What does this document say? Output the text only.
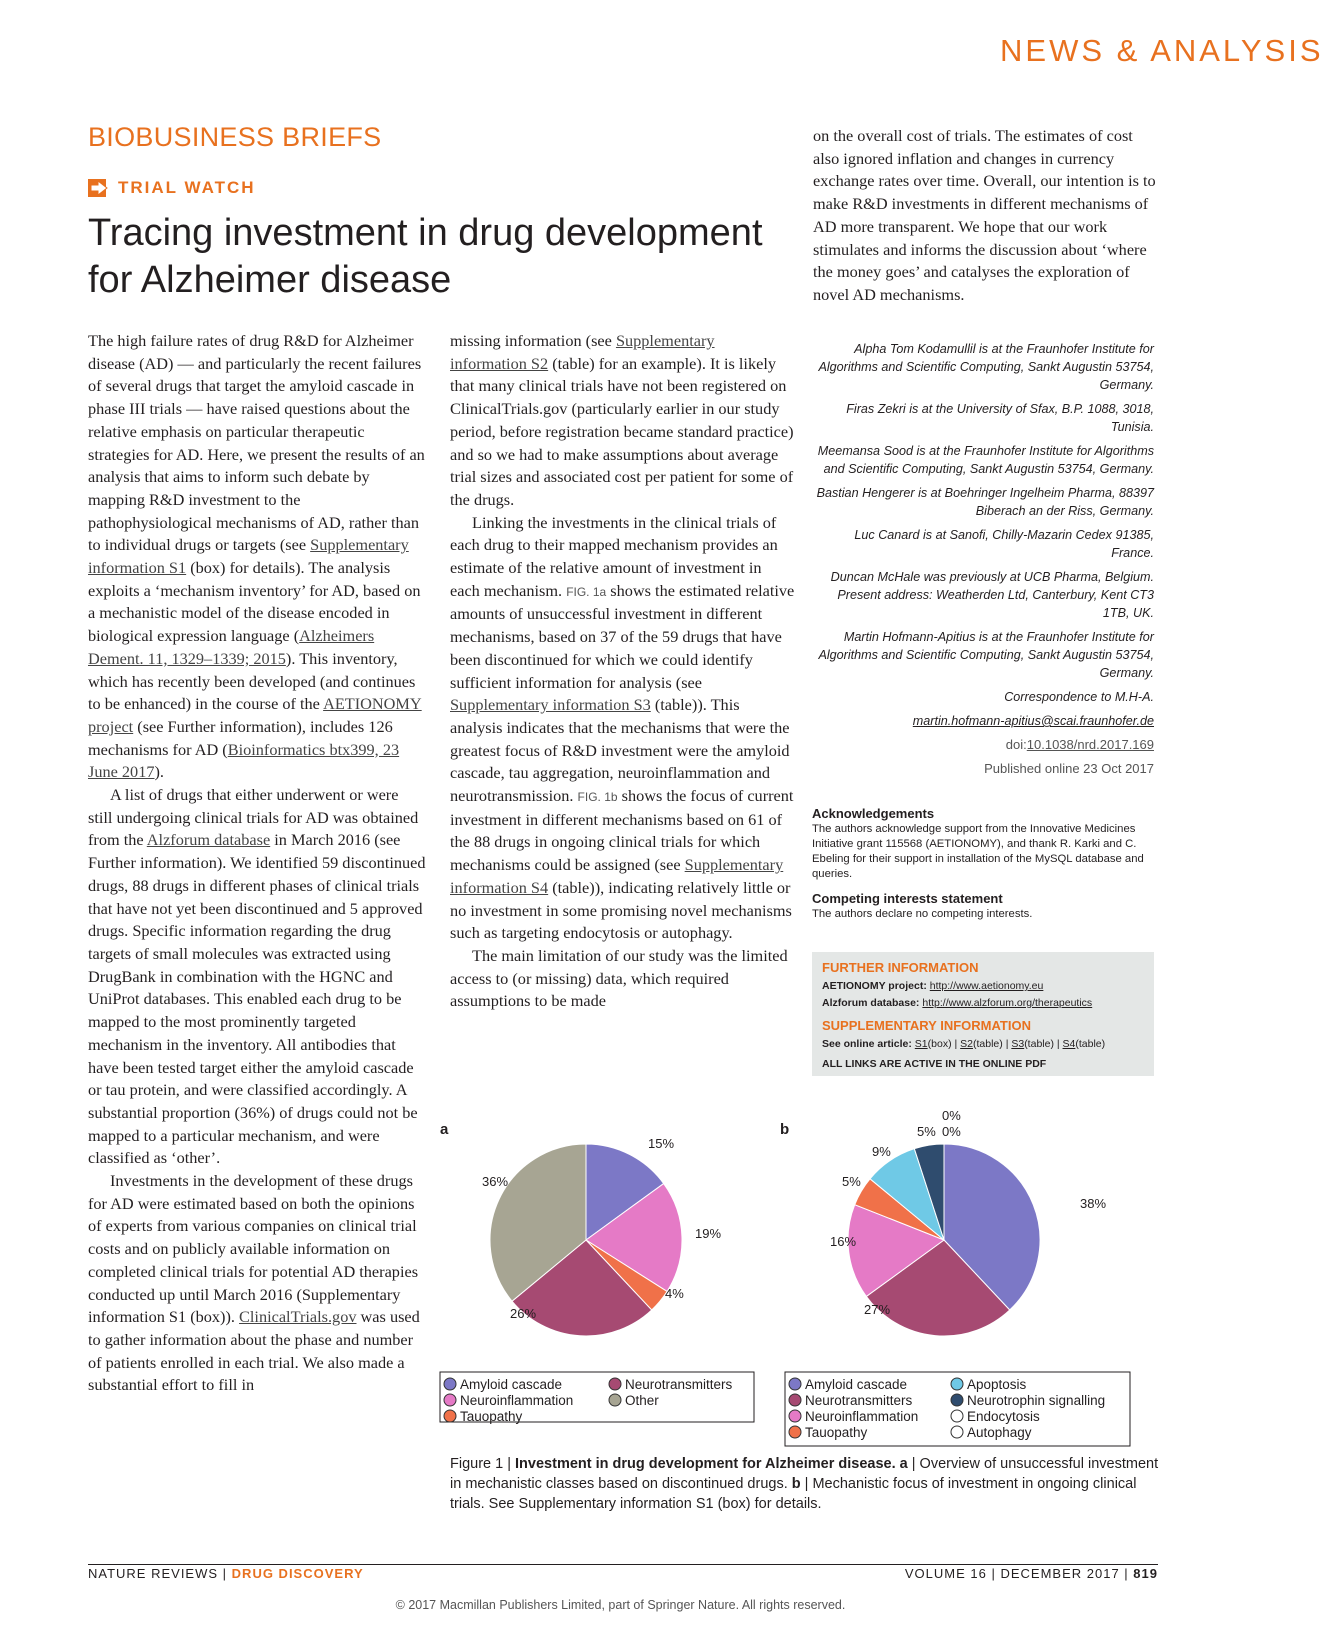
NEWS & ANALYSIS
BIOBUSINESS BRIEFS
TRIAL WATCH
Tracing investment in drug development for Alzheimer disease

The high failure rates of drug R&D for Alzheimer disease (AD) — and particularly the recent failures of several drugs that target the amyloid cascade in phase III trials — have raised questions about the relative emphasis on particular therapeutic strategies for AD. Here, we present the results of an analysis that aims to inform such debate by mapping R&D investment to the pathophysiological mechanisms of AD, rather than to individual drugs or targets (see Supplementary information S1 (box) for details). The analysis exploits a ‘mechanism inventory’ for AD, based on a mechanistic model of the disease encoded in biological expression language (Alzheimers Dement. 11, 1329–1339; 2015). This inventory, which has recently been developed (and continues to be enhanced) in the course of the AETIONOMY project (see Further information), includes 126 mechanisms for AD (Bioinformatics btx399, 23 June 2017).

A list of drugs that either underwent or were still undergoing clinical trials for AD was obtained from the Alzforum database in March 2016 (see Further information). We identified 59 discontinued drugs, 88 drugs in different phases of clinical trials that have not yet been discontinued and 5 approved drugs. Specific information regarding the drug targets of small molecules was extracted using DrugBank in combination with the HGNC and UniProt databases. This enabled each drug to be mapped to the most prominently targeted mechanism in the inventory. All antibodies that have been tested target either the amyloid cascade or tau protein, and were classified accordingly. A substantial proportion (36%) of drugs could not be mapped to a particular mechanism, and were classified as ‘other’.

Investments in the development of these drugs for AD were estimated based on both the opinions of experts from various companies on clinical trial costs and on publicly available information on completed clinical trials for potential AD therapies conducted up until March 2016 (Supplementary information S1 (box)). ClinicalTrials.gov was used to gather information about the phase and number of patients enrolled in each trial. We also made a substantial effort to fill in

missing information (see Supplementary information S2 (table) for an example). It is likely that many clinical trials have not been registered on ClinicalTrials.gov (particularly earlier in our study period, before registration became standard practice) and so we had to make assumptions about average trial sizes and associated cost per patient for some of the drugs.

Linking the investments in the clinical trials of each drug to their mapped mechanism provides an estimate of the relative amount of investment in each mechanism. FIG. 1a shows the estimated relative amounts of unsuccessful investment in different mechanisms, based on 37 of the 59 drugs that have been discontinued for which we could identify sufficient information for analysis (see Supplementary information S3 (table)). This analysis indicates that the mechanisms that were the greatest focus of R&D investment were the amyloid cascade, tau aggregation, neuroinflammation and neurotransmission. FIG. 1b shows the focus of current investment in different mechanisms based on 61 of the 88 drugs in ongoing clinical trials for which mechanisms could be assigned (see Supplementary information S4 (table)), indicating relatively little or no investment in some promising novel mechanisms such as targeting endocytosis or autophagy.

The main limitation of our study was the limited access to (or missing) data, which required assumptions to be made

on the overall cost of trials. The estimates of cost also ignored inflation and changes in currency exchange rates over time. Overall, our intention is to make R&D investments in different mechanisms of AD more transparent. We hope that our work stimulates and informs the discussion about ‘where the money goes’ and catalyses the exploration of novel AD mechanisms.

Alpha Tom Kodamullil is at the Fraunhofer Institute for Algorithms and Scientific Computing, Sankt Augustin 53754, Germany.

Firas Zekri is at the University of Sfax, B.P. 1088, 3018, Tunisia.

Meemansa Sood is at the Fraunhofer Institute for Algorithms and Scientific Computing, Sankt Augustin 53754, Germany.

Bastian Hengerer is at Boehringer Ingelheim Pharma, 88397 Biberach an der Riss, Germany.

Luc Canard is at Sanofi, Chilly-Mazarin Cedex 91385, France.

Duncan McHale was previously at UCB Pharma, Belgium. Present address: Weatherden Ltd, Canterbury, Kent CT3 1TB, UK.

Martin Hofmann-Apitius is at the Fraunhofer Institute for Algorithms and Scientific Computing, Sankt Augustin 53754, Germany.

Correspondence to M.H-A.

martin.hofmann-apitius@scai.fraunhofer.de

doi:10.1038/nrd.2017.169

Published online 23 Oct 2017

Acknowledgements

The authors acknowledge support from the Innovative Medicines Initiative grant 115568 (AETIONOMY), and thank R. Karki and C. Ebeling for their support in installation of the MySQL database and queries.

Competing interests statement

The authors declare no competing interests.

FURTHER INFORMATION
AETIONOMY project: http://www.aetionomy.eu
Alzforum database: http://www.alzforum.org/therapeutics
SUPPLEMENTARY INFORMATION
See online article: S1(box) | S2(table) | S3(table) | S4(table)
ALL LINKS ARE ACTIVE IN THE ONLINE PDF
a
15%
19%
4%
26%
36%
Amyloid cascade	Neurotransmitters
Neuroinflammation	Other
Tauopathy
b
38%
27%
16%
5%
9%
5% 0%
0%
Amyloid cascade	Apoptosis
Neurotransmitters	Neurotrophin signalling
Neuroinflammation	Endocytosis
Tauopathy	Autophagy
Figure 1 | Investment in drug development for Alzheimer disease. a | Overview of unsuccessful investment in mechanistic classes based on discontinued drugs. b | Mechanistic focus of investment in ongoing clinical trials. See Supplementary information S1 (box) for details.
NATURE REVIEWS | DRUG DISCOVERY	VOLUME 16 | DECEMBER 2017 | 819
© 2017 Macmillan Publishers Limited, part of Springer Nature. All rights reserved.
